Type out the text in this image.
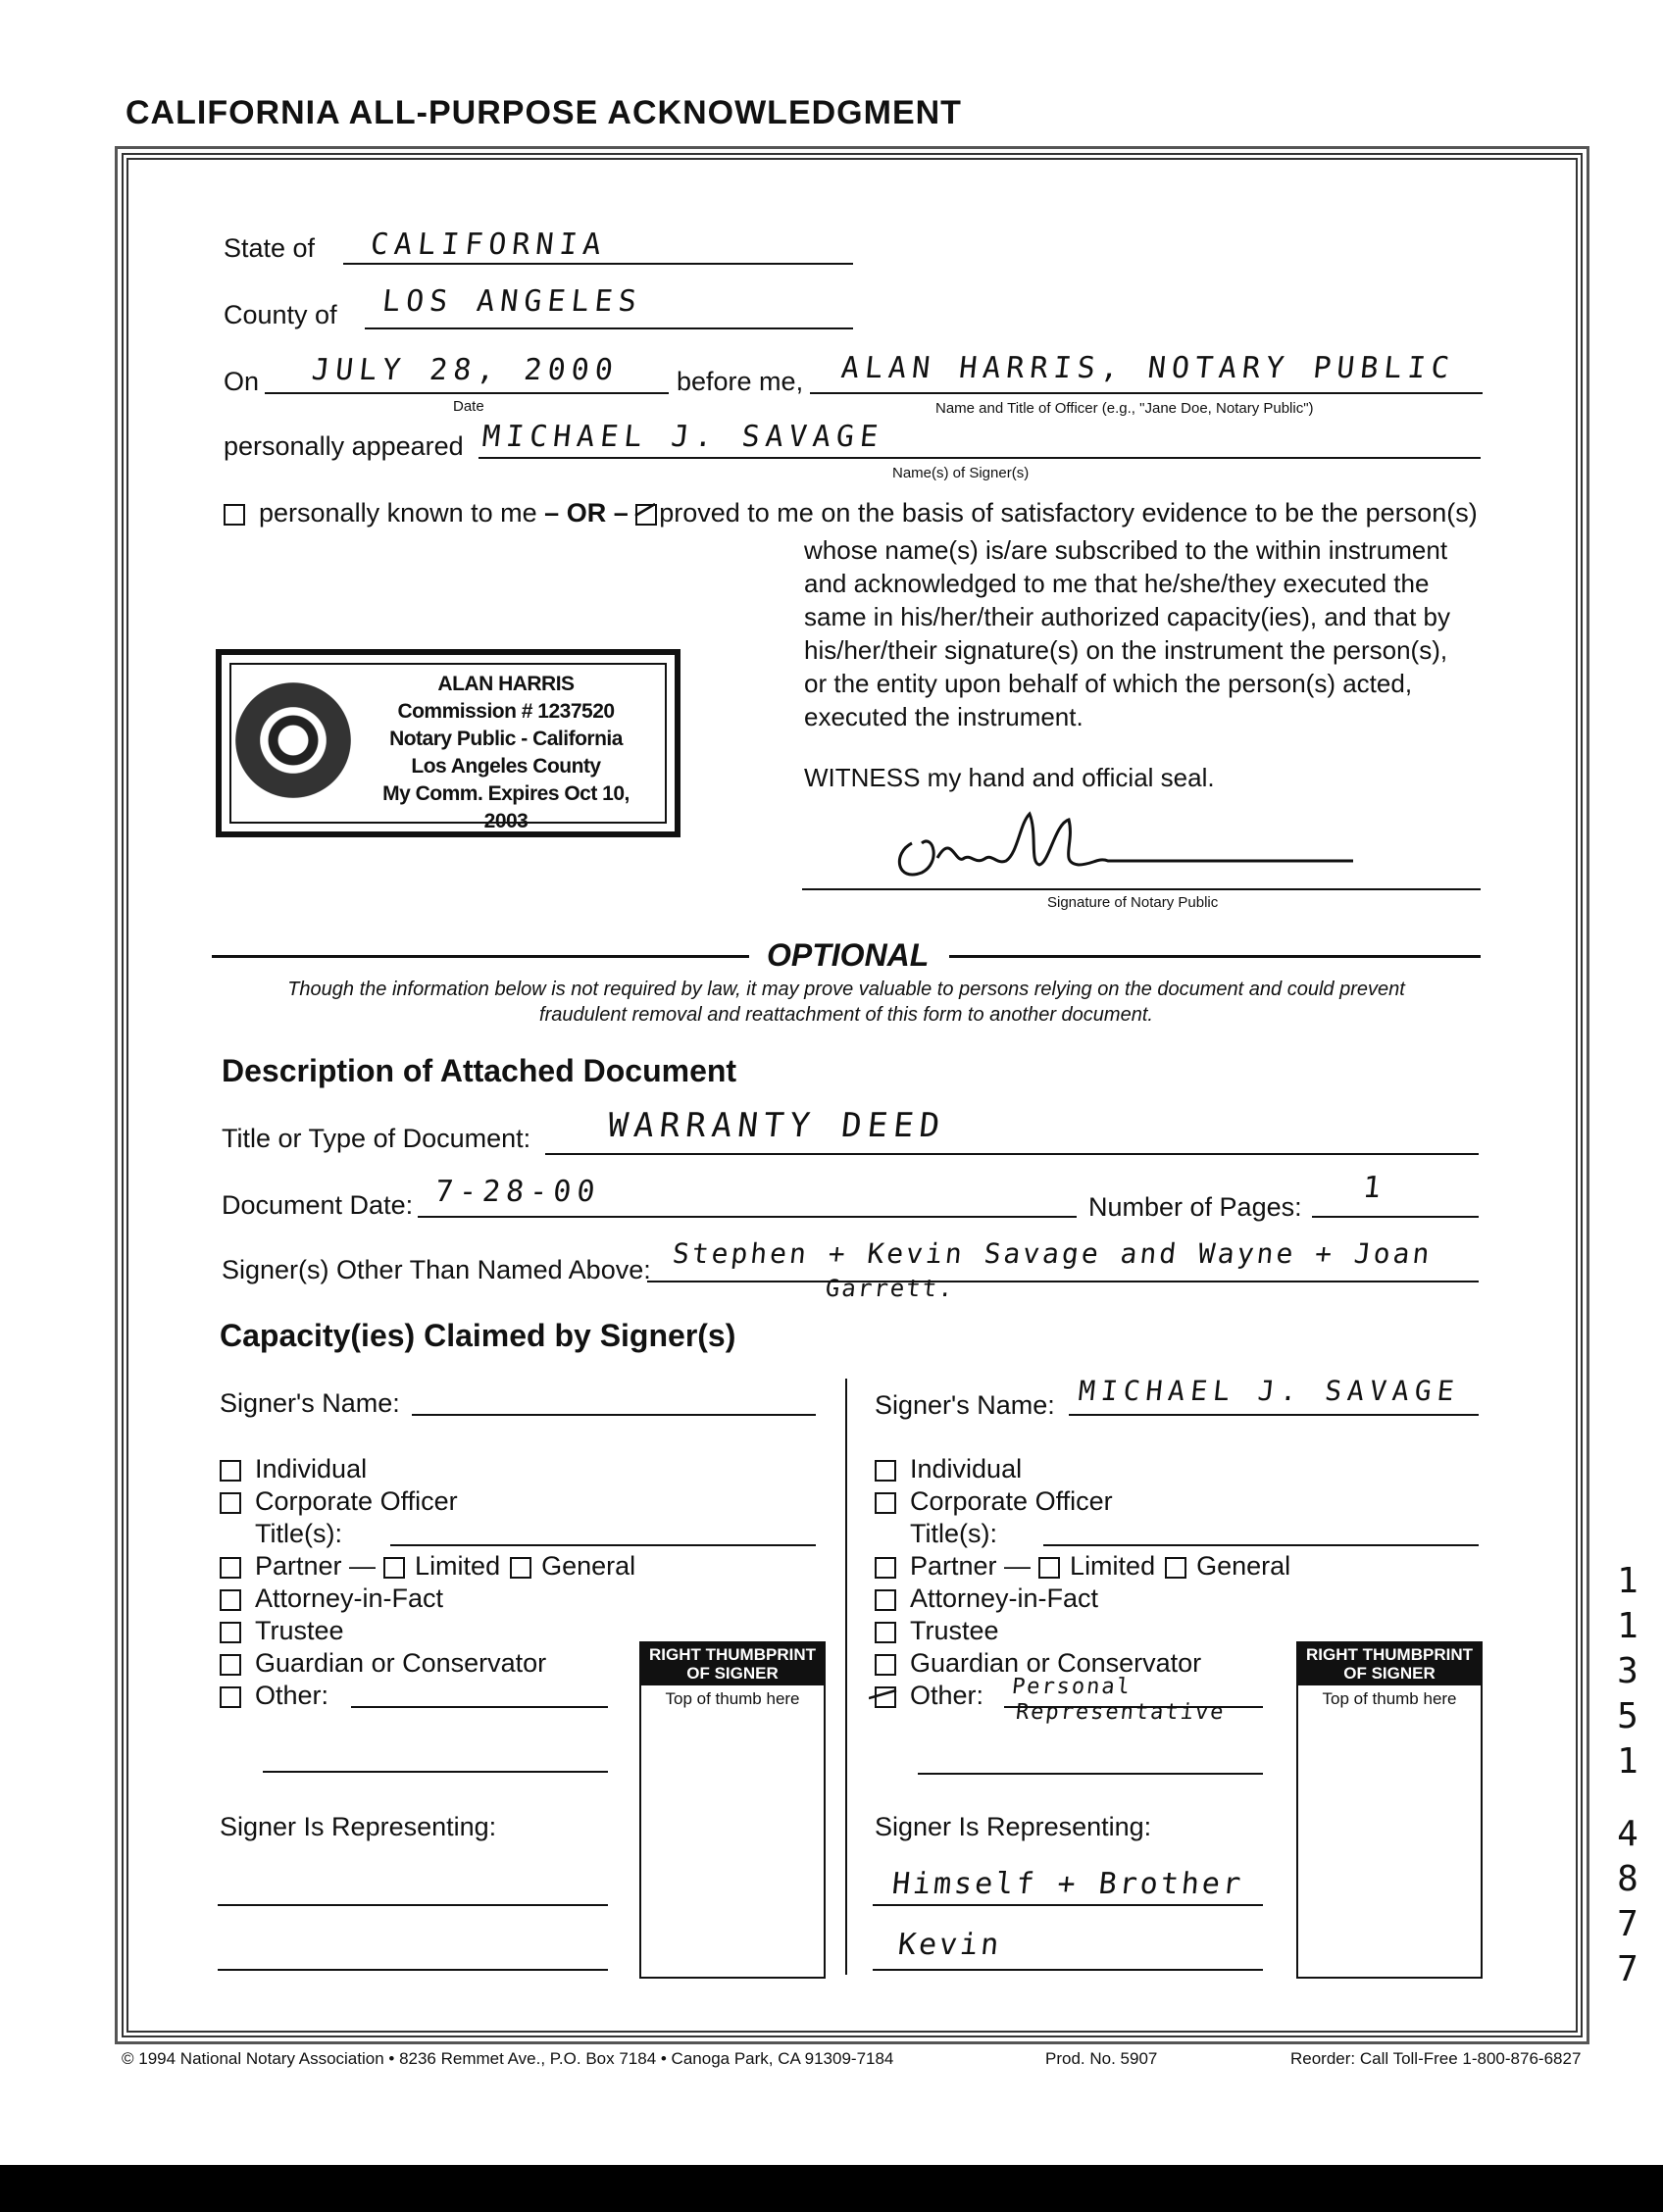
CALIFORNIA ALL-PURPOSE ACKNOWLEDGMENT
State of CALIFORNIA
County of LOS ANGELES
On JULY 28, 2000
Date
before me, ALAN HARRIS, NOTARY PUBLIC
Name and Title of Officer (e.g., "Jane Doe, Notary Public")
personally appeared MICHAEL J. SAVAGE
Name(s) of Signer(s)
personally known to me – OR – proved to me on the basis of satisfactory evidence to be the person(s)
whose name(s) is/are subscribed to the within instrument
and acknowledged to me that he/she/they executed the
same in his/her/their authorized capacity(ies), and that by
his/her/their signature(s) on the instrument the person(s),
or the entity upon behalf of which the person(s) acted,
executed the instrument.
ALAN HARRIS
Commission # 1237520
Notary Public - California
Los Angeles County
My Comm. Expires Oct 10, 2003
WITNESS my hand and official seal.
Signature of Notary Public
OPTIONAL
Though the information below is not required by law, it may prove valuable to persons relying on the document and could prevent
fraudulent removal and reattachment of this form to another document.
Description of Attached Document
Title or Type of Document: WARRANTY DEED
Document Date: 7-28-00	Number of Pages:
1
Signer(s) Other Than Named Above: Stephen + Kevin Savage and Wayne + Joan
Garrett.
Capacity(ies) Claimed by Signer(s)
Signer's Name:
Individual
Corporate Officer
Title(s):
Partner — Limited General
Attorney-in-Fact
Trustee
Guardian or Conservator
Other:
RIGHT THUMBPRINT
OF SIGNER
Top of thumb here
Signer Is Representing:
Signer's Name: MICHAEL J. SAVAGE
Individual
Corporate Officer
Title(s):
Partner — Limited General
Attorney-in-Fact
Trustee
Guardian or Conservator
Other:	Personal
Representative
RIGHT THUMBPRINT
OF SIGNER
Top of thumb here
Signer Is Representing:
Himself + Brother
Kevin
© 1994 National Notary Association • 8236 Remmet Ave., P.O. Box 7184 • Canoga Park, CA 91309-7184	Prod. No. 5907	Reorder: Call Toll-Free 1-800-876-6827
1
1
3
5
1
4
8
7
7
